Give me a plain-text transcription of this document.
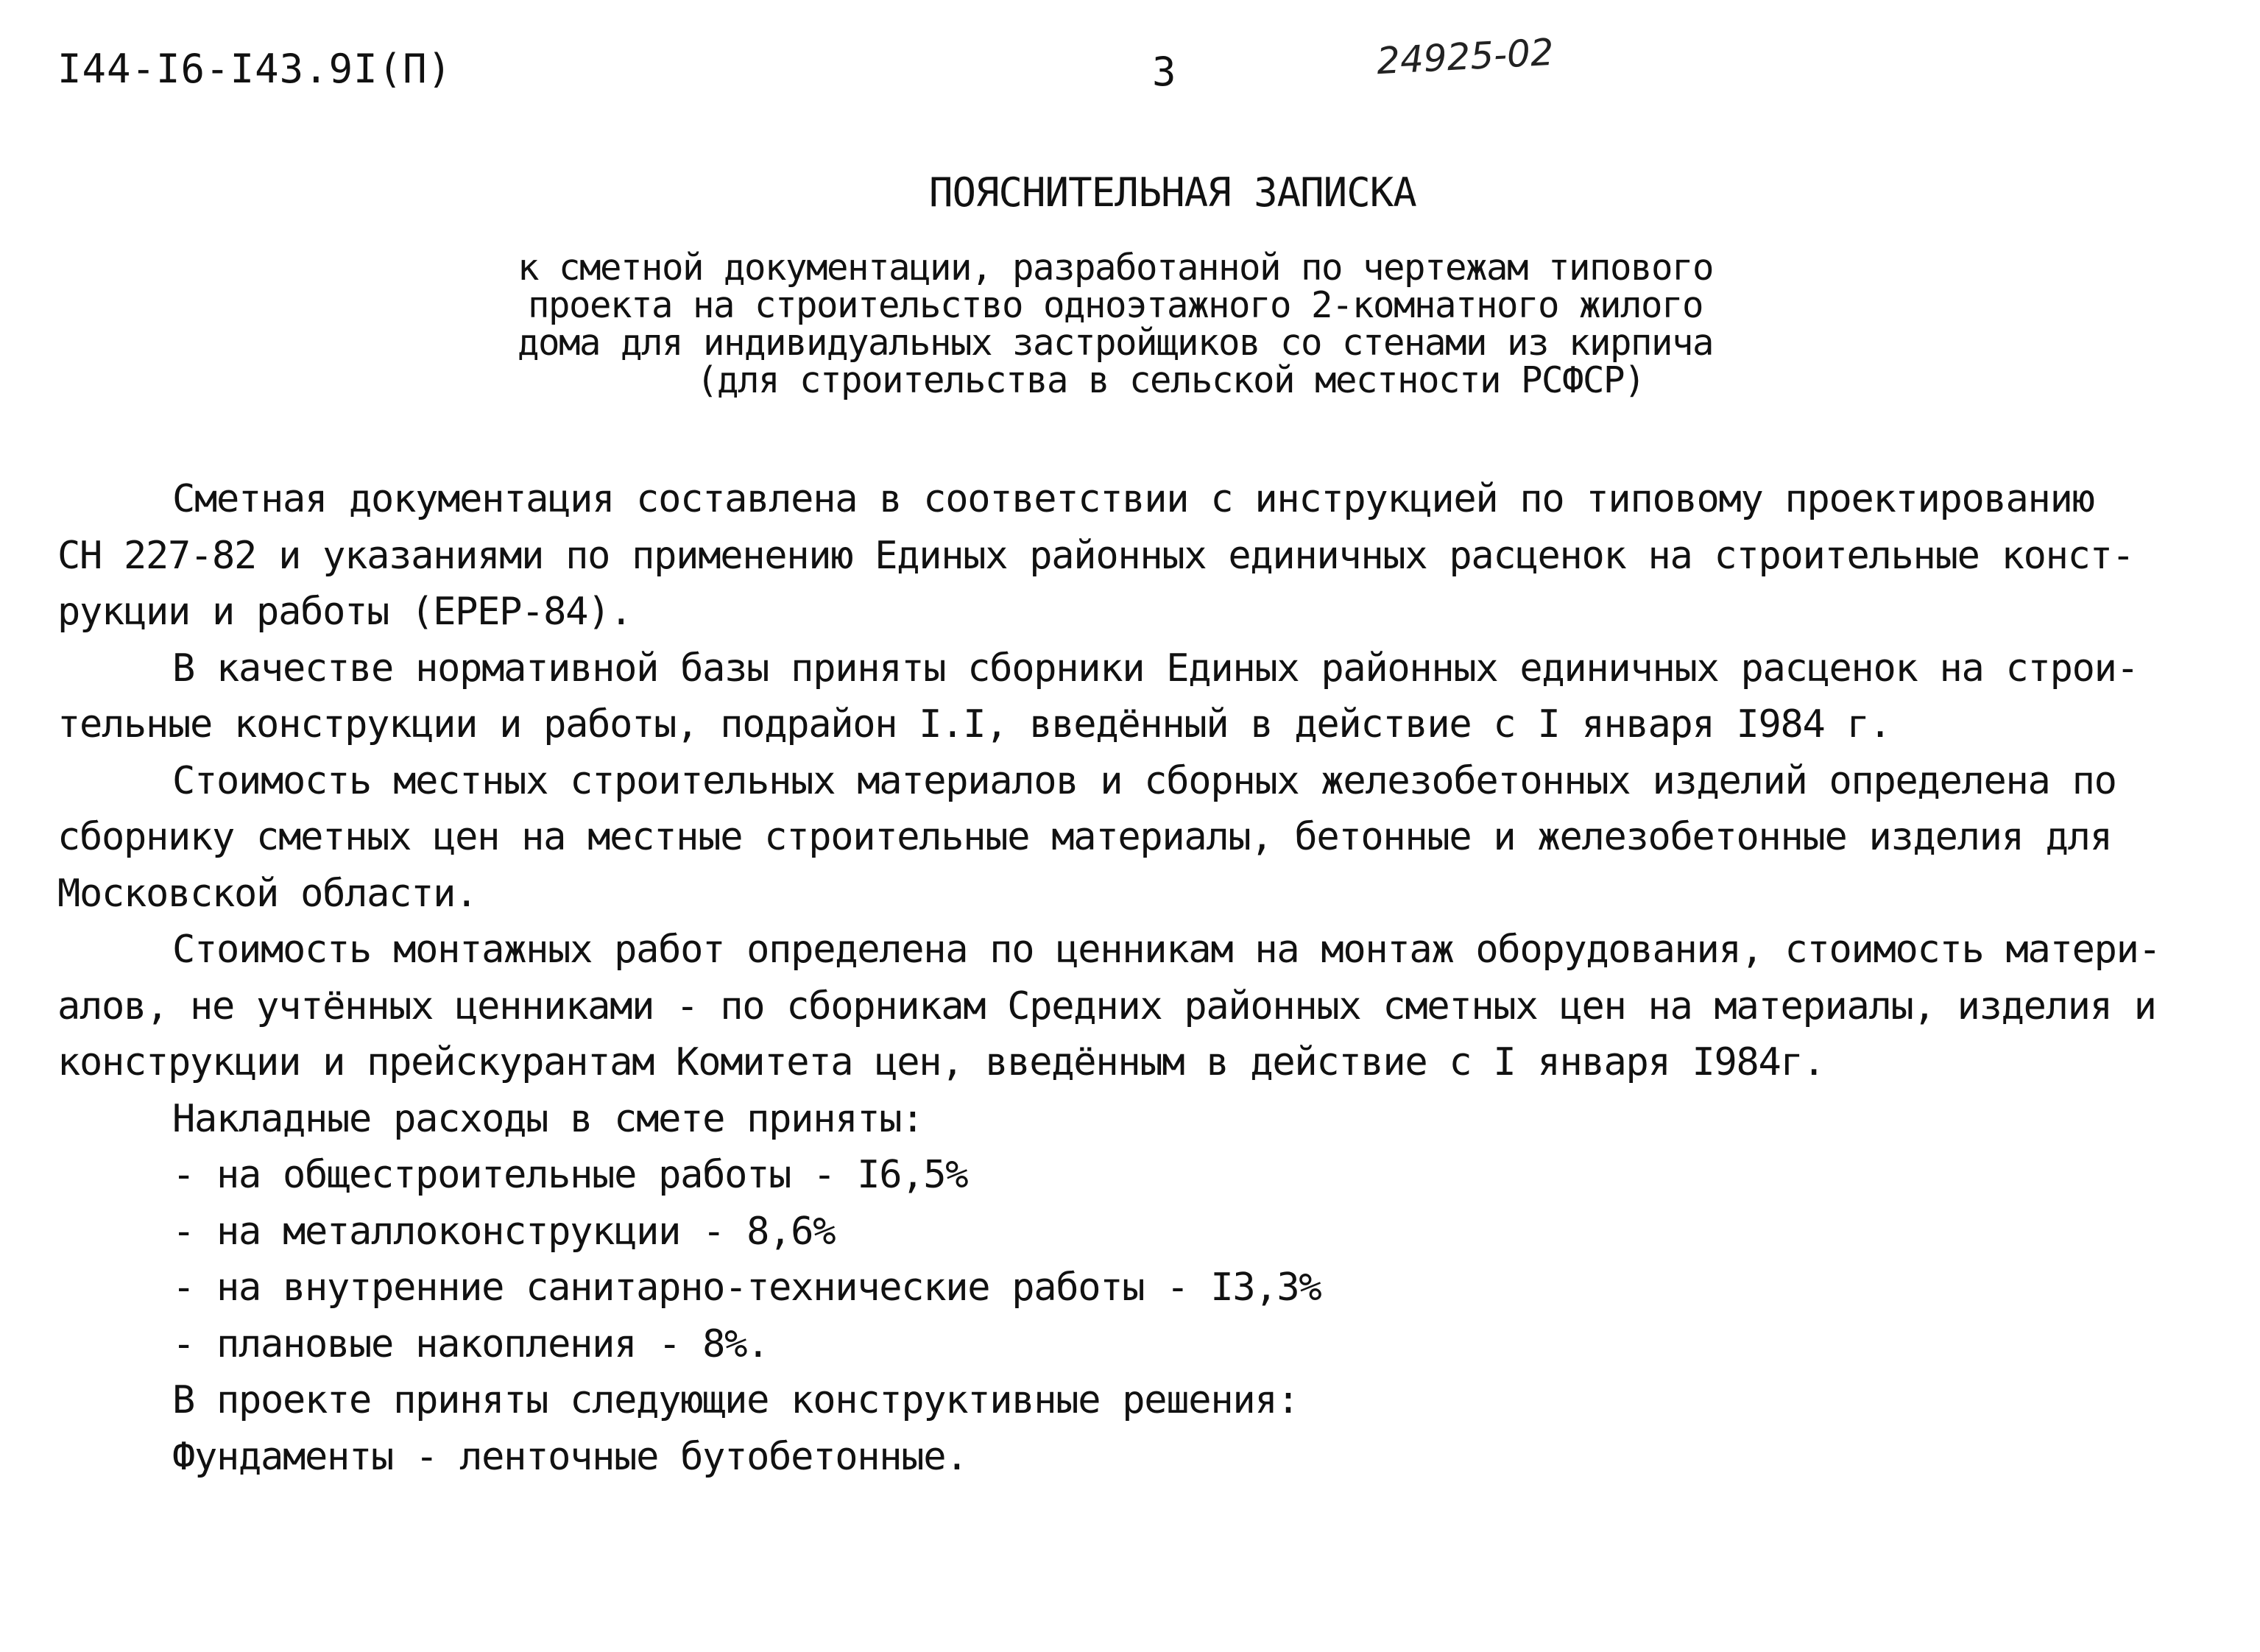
I44-I6-I43.9I(П)	3	24925-02
ПОЯСНИТЕЛЬНАЯ ЗАПИСКА
к сметной документации, разработанной по чертежам типового
проекта на строительство одноэтажного 2-комнатного жилого
дома для индивидуальных застройщиков со стенами из кирпича
(для строительства в сельской местности РСФСР)
Сметная документация составлена в соответствии с инструкцией по типовому проектированию
СН 227-82 и указаниями по применению Единых районных единичных расценок на строительные конст-
рукции и работы (ЕРЕР-84).
В качестве нормативной базы приняты сборники Единых районных единичных расценок на строи-
тельные конструкции и работы, подрайон I.I, введённый в действие с I января I984 г.
Стоимость местных строительных материалов и сборных железобетонных изделий определена по
сборнику сметных цен на местные строительные материалы, бетонные и железобетонные изделия для
Московской области.
Стоимость монтажных работ определена по ценникам на монтаж оборудования, стоимость матери-
алов, не учтённых ценниками - по сборникам Средних районных сметных цен на материалы, изделия и
конструкции и прейскурантам Комитета цен, введённым в действие с I января I984г.
Накладные расходы в смете приняты:
- на общестроительные работы - I6,5%
- на металлоконструкции - 8,6%
- на внутренние санитарно-технические работы - I3,3%
- плановые накопления - 8%.
В проекте приняты следующие конструктивные решения:
Фундаменты - ленточные бутобетонные.
